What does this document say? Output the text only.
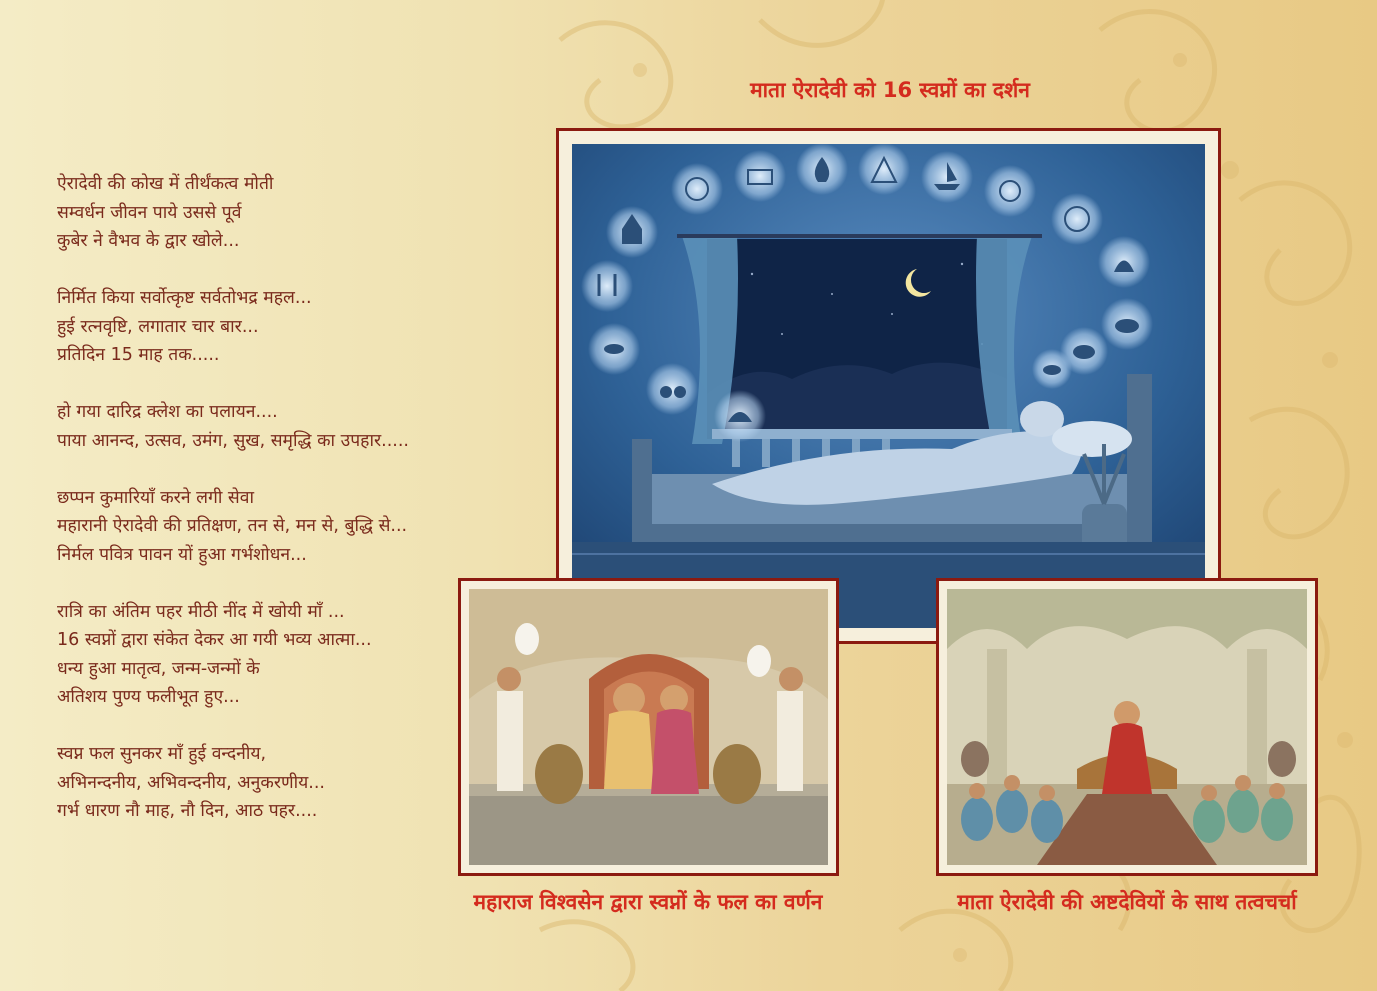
ऐरादेवी की कोख में तीर्थंकत्व मोती
सम्वर्धन जीवन पाये उससे पूर्व
कुबेर ने वैभव के द्वार खोले...
निर्मित किया सर्वोत्कृष्ट सर्वतोभद्र महल...
हुई रत्नवृष्टि, लगातार चार बार...
प्रतिदिन 15 माह तक.....
हो गया दारिद्र क्लेश का पलायन....
पाया आनन्द, उत्सव, उमंग, सुख, समृद्धि का उपहार.....
छप्पन कुमारियाँ करने लगी सेवा
महारानी ऐरादेवी की प्रतिक्षण, तन से, मन से, बुद्धि से...
निर्मल पवित्र पावन यों हुआ गर्भशोधन...
रात्रि का अंतिम पहर मीठी नींद में खोयी माँ ...
16 स्वप्नों द्वारा संकेत देकर आ गयी भव्य आत्मा...
धन्य हुआ मातृत्व, जन्म-जन्मों के
अतिशय पुण्य फलीभूत हुए...
स्वप्न फल सुनकर माँ हुई वन्दनीय,
अभिनन्दनीय, अभिवन्दनीय, अनुकरणीय...
गर्भ धारण नौ माह, नौ दिन, आठ पहर....
माता ऐरादेवी को 16 स्वप्नों का दर्शन
महाराज विश्वसेन द्वारा स्वप्नों के फल का वर्णन	माता ऐरादेवी की अष्टदेवियों के साथ तत्वचर्चा
